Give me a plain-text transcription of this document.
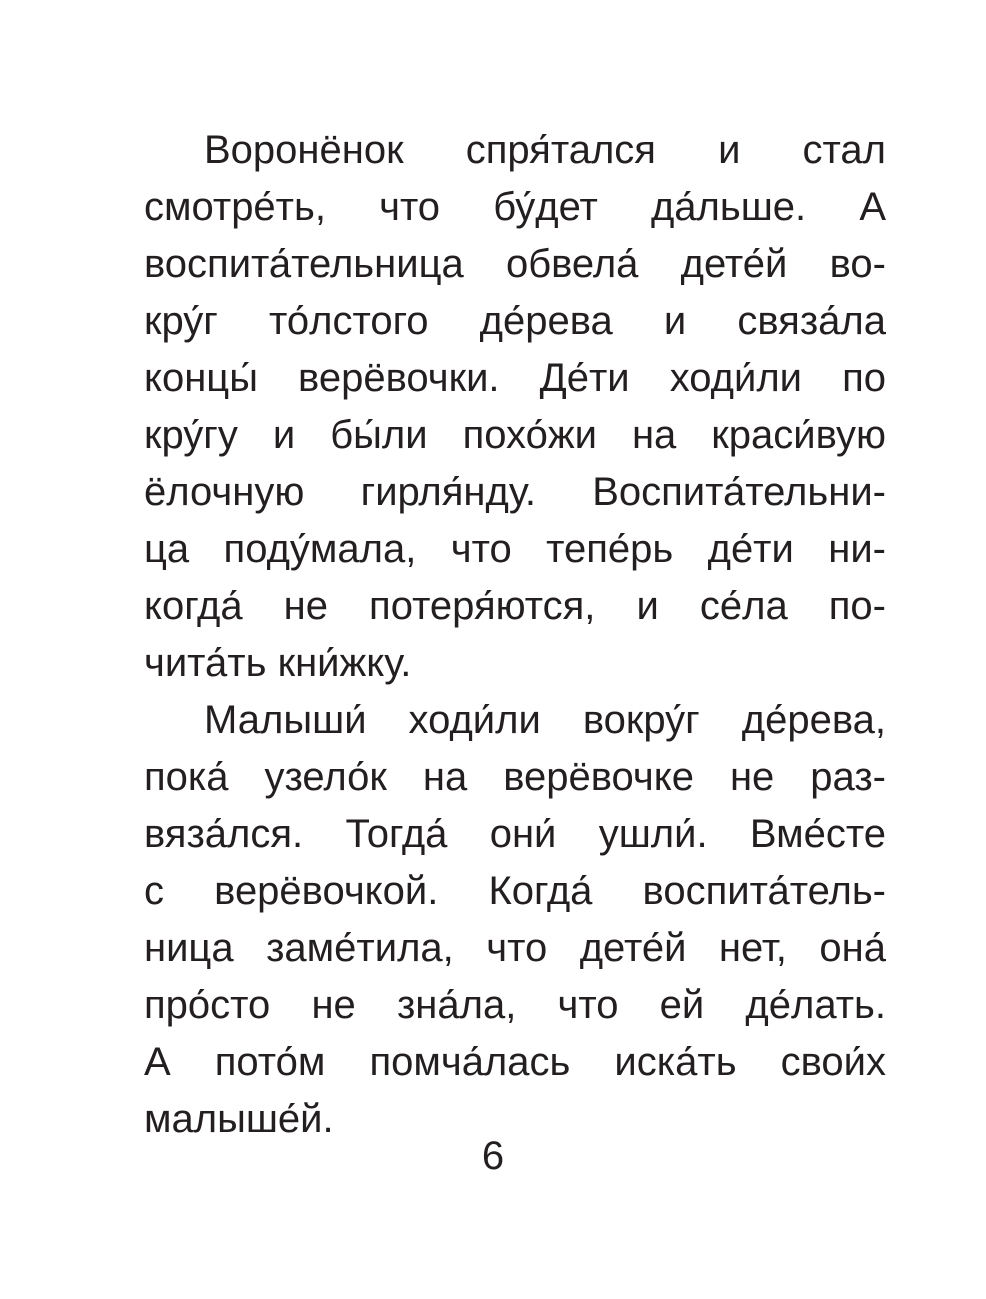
Воронёнок спря́тался и стал
смотре́ть, что бу́дет да́льше. А
воспита́тельница обвела́ дете́й во-
кру́г то́лстого де́рева и связа́ла
концы́ верёвочки. Де́ти ходи́ли по
кру́гу и бы́ли похо́жи на краси́вую
ёлочную гирля́нду. Воспита́тельни-
ца поду́мала, что тепе́рь де́ти ни-
когда́ не потеря́ются, и се́ла по-
чита́ть кни́жку.
Малыши́ ходи́ли вокру́г де́рева,
пока́ узело́к на верёвочке не раз-
вяза́лся. Тогда́ они́ ушли́. Вме́сте
с верёвочкой. Когда́ воспита́тель-
ница заме́тила, что дете́й нет, она́
про́сто не зна́ла, что ей де́лать.
А пото́м помча́лась иска́ть свои́х
малыше́й.
6
